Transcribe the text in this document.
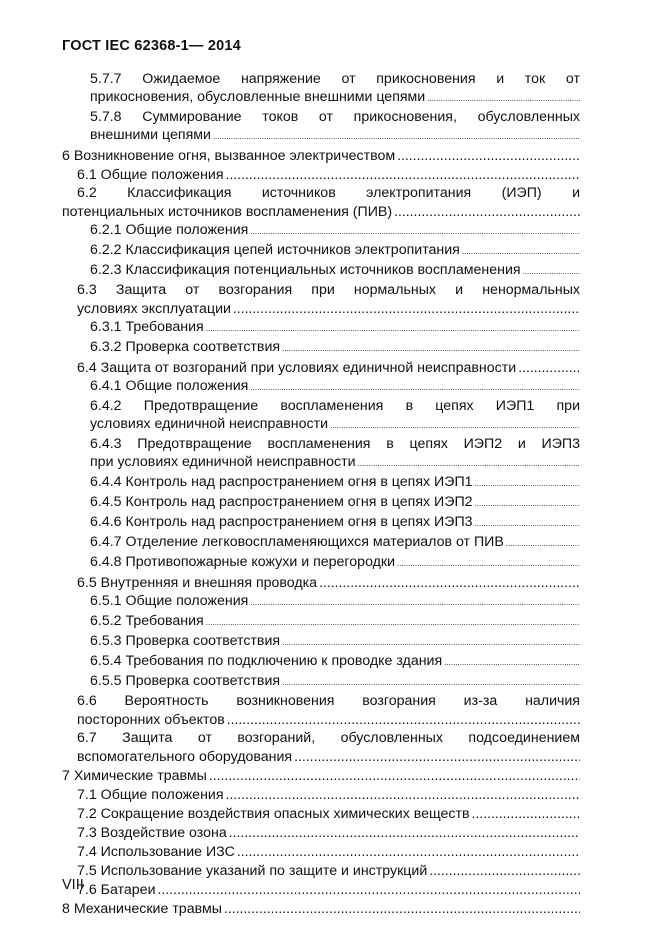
ГОСТ IEC 62368-1— 2014
5.7.7 Ожидаемое напряжение от прикосновения и ток от
прикосновения, обусловленные внешними цепями
.....
5.7.8 Суммирование токов от прикосновения, обусловленных
внешними цепями
.....
6 Возникновение огня, вызванное электричеством
.....
6.1 Общие положения
.....
6.2 Классификация источников электропитания (ИЭП) и
потенциальных источников воспламенения (ПИВ)
.....
6.2.1 Общие положения
.....
6.2.2 Классификация цепей источников электропитания
.....
6.2.3 Классификация потенциальных источников воспламенения
.....
6.3 Защита от возгорания при нормальных и ненормальных
условиях эксплуатации
.....
6.3.1 Требования
.....
6.3.2 Проверка соответствия
.....
6.4 Защита от возгораний при условиях единичной неисправности
.....
6.4.1 Общие положения
.....
6.4.2 Предотвращение воспламенения в цепях ИЭП1 при
условиях единичной неисправности
.....
6.4.3 Предотвращение воспламенения в цепях ИЭП2 и ИЭП3
при условиях единичной неисправности
.....
6.4.4 Контроль над распространением огня в цепях ИЭП1
.....
6.4.5 Контроль над распространением огня в цепях ИЭП2
.....
6.4.6 Контроль над распространением огня в цепях ИЭП3
.....
6.4.7 Отделение легковоспламеняющихся материалов от ПИВ
.....
6.4.8 Противопожарные кожухи и перегородки
.....
6.5 Внутренняя и внешняя проводка
.....
6.5.1 Общие положения
.....
6.5.2 Требования
.....
6.5.3 Проверка соответствия
.....
6.5.4 Требования по подключению к проводке здания
.....
6.5.5 Проверка соответствия
.....
6.6 Вероятность возникновения возгорания из-за наличия
посторонних объектов
.....
6.7 Защита от возгораний, обусловленных подсоединением
вспомогательного оборудования
.....
7 Химические травмы
.....
7.1 Общие положения
.....
7.2 Сокращение воздействия опасных химических веществ
.....
7.3 Воздействие озона
.....
7.4 Использование ИЗС
.....
7.5 Использование указаний по защите и инструкций
.....
7.6 Батареи
.....
8 Механические травмы
.....
VIII
